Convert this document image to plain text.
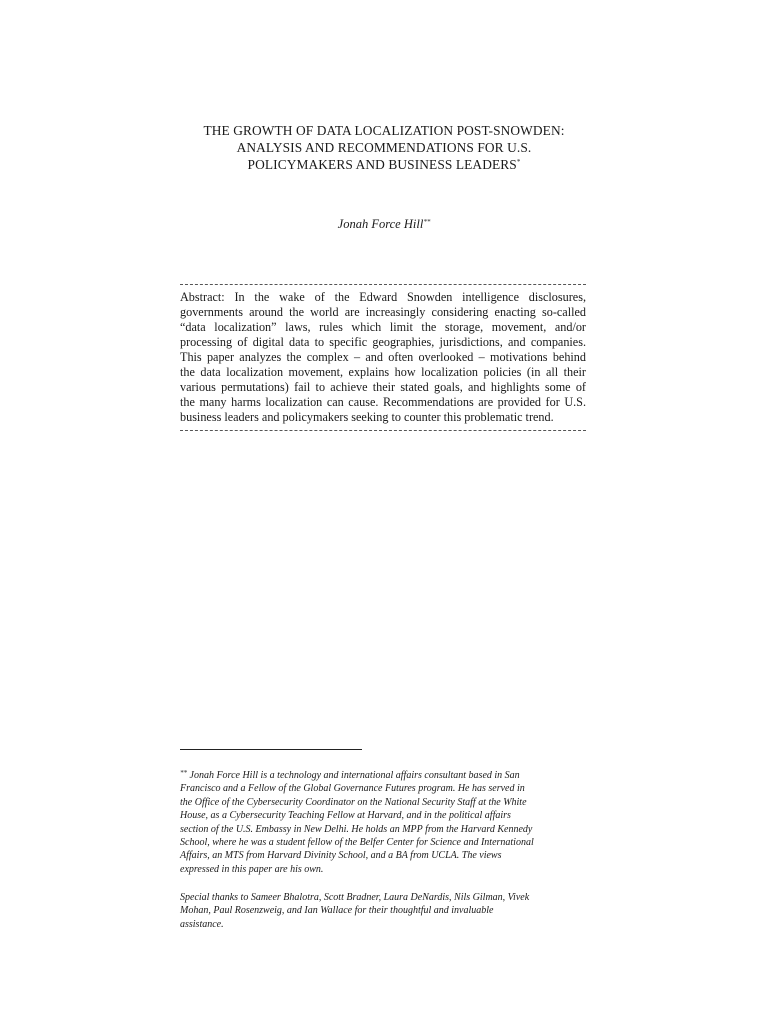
THE GROWTH OF DATA LOCALIZATION POST-SNOWDEN:
ANALYSIS AND RECOMMENDATIONS FOR U.S.
POLICYMAKERS AND BUSINESS LEADERS*
Jonah Force Hill**
Abstract: In the wake of the Edward Snowden intelligence disclosures,
governments around the world are increasingly considering enacting so-called
“data localization” laws, rules which limit the storage, movement, and/or
processing of digital data to specific geographies, jurisdictions, and companies.
This paper analyzes the complex – and often overlooked – motivations behind
the data localization movement, explains how localization policies (in all their
various permutations) fail to achieve their stated goals, and highlights some of
the many harms localization can cause. Recommendations are provided for U.S.
business leaders and policymakers seeking to counter this problematic trend.
** Jonah Force Hill is a technology and international affairs consultant based in San
Francisco and a Fellow of the Global Governance Futures program. He has served in
the Office of the Cybersecurity Coordinator on the National Security Staff at the White
House, as a Cybersecurity Teaching Fellow at Harvard, and in the political affairs
section of the U.S. Embassy in New Delhi. He holds an MPP from the Harvard Kennedy
School, where he was a student fellow of the Belfer Center for Science and International
Affairs, an MTS from Harvard Divinity School, and a BA from UCLA. The views
expressed in this paper are his own.
Special thanks to Sameer Bhalotra, Scott Bradner, Laura DeNardis, Nils Gilman, Vivek
Mohan, Paul Rosenzweig, and Ian Wallace for their thoughtful and invaluable
assistance.
